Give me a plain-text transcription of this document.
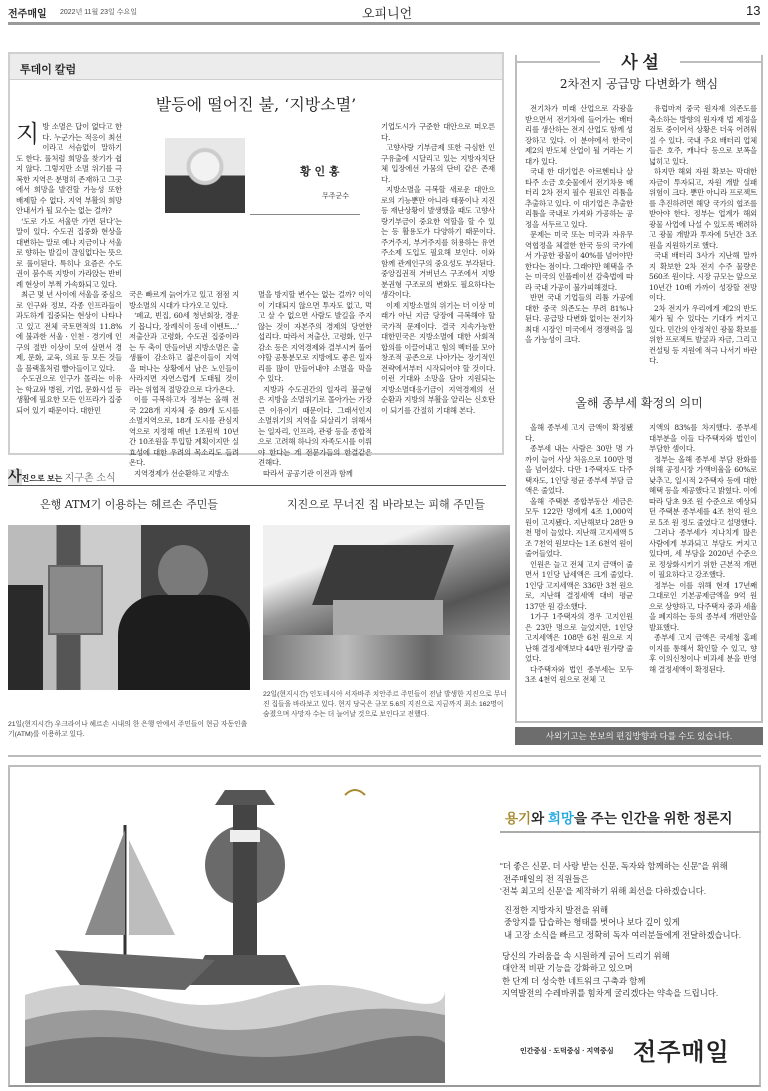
전주매일 2022년 11월 23일 수요일	오피니언	13
투데이 칼럼
발등에 떨어진 불, ‘지방소멸’
황 인 홍
무주군수
지 방 소멸은 답이 없다고 한다. 누군가는 적응이 최선이라고 서슴없이 말하기도 한다. 풀처럼 희망을 찾기가 쉽지 않다. 그렇지만 소멸 위기를 극복한 지역은 분명히 존재하고 그곳에서 희망을 발견할 가능성 또한 배제할 수 없다. 지역 부활의 희망 안내서가 될 묘수는 없는 걸까?

‘도로 가도 서울만 가면 된다’는 말이 있다. 수도권 집중화 현상을 대변하는 말로 예나 지금이나 서울로 향하는 발길이 끊임없다는 뜻으로 풀이된다. 특히나 요즘은 수도권이 붐수록 지방이 가라앉는 반비례 현상이 부쩍 가속화되고 있다.

최근 몇 년 사이에 서울을 중심으로 인구와 정보, 각종 인프라들이 과도하게 집중되는 현상이 나타나고 있고 전체 국토면적의 11.8%에 불과한 서울 · 인천 · 경기에 인구의 절반 이상이 모여 살면서 경제, 문화, 교육, 의료 등 모든 것들을 블랙홀처럼 빨아들이고 있다.

수도권으로 인구가 몰리는 이유는 학교와 병원, 기업, 문화시설 등 생활에 필요한 모든 인프라가 집중되어 있기 때문이다. 대한민

국은 빠르게 늙어가고 있고 점점 지방소멸의 시대가 다가오고 있다.

‘폐교, 빈집, 60세 청년회장, 경운기 몹니다, 장례식이 동네 이벤트...’ 저출산과 고령화, 수도권 집중이라는 두 축이 만들어낸 지방소멸은 출생률이 감소하고 젊은이들이 지역을 떠나는 상황에서 남은 노인들이 사라지면 자연스럽게 도태될 것이라는 위협적 절망감으로 다가온다.

이를 극복하고자 정부는 올해 전국 228개 지자체 중 89개 도시를 소멸지역으로, 18개 도시를 관심지역으로 지정해 매년 1조원씩 10년간 10조원을 투입할 계획이지만 실효성에 대한 우려의 목소리도 들려온다.

지역경제가 선순환하고 지방소

멸을 방지할 변수는 없는 걸까? 이익이 기대되지 않으면 투자도 없고, 먹고 살 수 없으면 사람도 발길을 주지 않는 것이 자본주의 경제의 당연한 섭리다. 따라서 저출산, 고령화, 인구감소 등은 지역경제와 결부시켜 풀어야할 공통분모로 지방에도 좋은 일자리를 많이 만들어내야 소멸을 막을 수 있다.

지방과 수도권간의 일자리 불균형은 지방을 소멸위기로 몰아가는 가장 큰 이유이기 때문이다. 그래서인지 소멸위기의 지역을 되살리기 위해서는 일자리, 인프라, 관광 등을 종합적으로 고려해 하나의 자족도시를 이뤄야 한다는 게 전문가들의 한결같은 견해다.

따라서 공공기관 이전과 함께

기업도시가 구준한 대안으로 떠오른다.

고향사랑 기부금제 또한 극심한 인구유출에 시달리고 있는 지방자치단체 입장에선 가뭄의 단비 같은 존재다.

지방소멸을 극복할 새로운 대안으로의 기능뿐만 아니라 태풍이나 지진 등 재난상황이 발생했을 때도 고향사랑기부금이 중요한 역할을 할 수 있는 등 활용도가 다양하기 때문이다. 주거주지, 부거주지를 허용하는 유연 주소제 도입도 필요해 보인다. 이와 함께 관계인구의 중요성도 부각된다. 중앙집권적 거버넌스 구조에서 지방분권형 구조로의 변화도 필요하다는 생각이다.

이제 지방소멸의 위기는 더 이상 미래가 아닌 지금 당장에 극복해야 할 국가적 문제이다. 결국 지속가능한 대한민국은 지방소멸에 대한 사회적 합의를 이끌어내고 힘의 벡터를 모아 창조적 공존으로 나아가는 장기적인 전략에서부터 시작되어야 할 것이다. 이런 기대와 소망을 담아 지원되는 지방소멸대응기금이 지역경제의 선순환과 지방의 부활을 알리는 신호탄이 되기를 간절히 기대해 본다.

사 설
2차전지 공급망 다변화가 핵심

전기차가 미래 산업으로 각광을 받으면서 전기차에 들어가는 배터리를 생산하는 전지 산업도 함께 성장하고 있다. 이 분야에서 한국이 제2의 반도체 산업이 될 거라는 기대가 있다.

국내 한 대기업은 아르헨티나 살타주 소금 호숫물에서 전기차용 배터리 2차 전지 필수 원료인 리튬을 추출하고 있다. 이 대기업은 추출한 리튬을 국내로 가져와 가공하는 공정을 서두르고 있다.

문제는 미국 또는 미국과 자유무역협정을 체결한 한국 등의 국가에서 가공한 광물이 40%를 넘어야만 한다는 점이다. 그래야만 혜택을 주는 미국의 인플레이션 감축법에 따라 국내 가공이 불가피해졌다.

반면 국내 기업들의 리튬 가공에 대한 중국 의존도는 무려 81%나 된다. 공급망 다변화 없이는 전기차 최대 시장인 미국에서 경쟁력을 잃을 가능성이 크다.

유럽마저 중국 원자재 의존도를 축소하는 방향의 원자재 법 제정을 검토 중이어서 상황은 더욱 어려워질 수 있다. 국내 주요 배터리 업체들은 호주, 캐나다 등으로 보폭을 넓히고 있다.

하지만 해외 자원 확보는 막대한 자금이 투자되고, 자원 개발 실패 위험이 크다. 뿐만 아니라 프로젝트를 추진하려면 해당 국가의 협조를 받아야 한다. 정부는 업계가 해외 광물 사업에 나설 수 있도록 배려하고 광물 개발과 투자에 5년간 3조 원을 지원하기로 했다.

국내 배터리 3사가 지난해 말까지 확보한 2차 전지 수주 물량은 560조 원이다. 시장 규모는 앞으로 10년간 10배 가까이 성장할 전망이다.

2차 전지가 우리에게 제2의 반도체가 될 수 있다는 기대가 커지고 있다. 민간의 안정적인 광물 확보를 위한 프로젝트 발굴과 자금, 그리고 컨설팅 등 지원에 적극 나서기 바란다.

올해 종부세 확정의 의미

올해 종부세 고지 금액이 확정됐다.

종부세 내는 사람은 30만 명 가까이 늘어 사상 처음으로 100만 명을 넘어섰다. 다만 1주택자도 다주택자도, 1인당 평균 종부세 부담 금액은 줄었다.

올해 주택분 종합부동산 세금은 모두 122만 명에게 4조 1,000억 원이 고지됐다. 지난해보다 28만 9천 명이 늘었다. 지난해 고지세액 5조 7천억 원보다는 1조 6천억 원이 줄어들었다.

인원은 늘고 전체 고지 금액이 줄면서 1인당 납세액은 크게 줄었다. 1인당 고지세액은 336만 3천 원으로, 지난해 결정세액 대비 평균 137만 원 감소했다.

1가구 1주택자의 경우 고지인원은 23만 명으로 늘었지만, 1인당 고지세액은 108만 6천 원으로 지난해 결정세액보다 44만 원가량 줄었다.

다주택자와 법인 종부세는 모두 3조 4천억 원으로 전체 고

지액의 83%를 차지했다. 종부세 대부분을 이들 다주택자와 법인이 부담한 셈이다.

정부는 올해 종부세 부담 완화를 위해 공정시장 가액비율을 60%로 낮추고, 일시적 2주택자 등에 대한 혜택 등을 제공했다고 밝혔다. 이에 따라 당초 9조 원 수준으로 예상되던 주택분 종부세를 4조 천억 원으로 5조 원 정도 줄였다고 설명했다.

그러나 종부세가 지나치게 많은 사람에게 부과되고 부담도 커지고 있다며, 세 부담을 2020년 수준으로 정상화시키기 위한 근본적 개편이 필요하다고 강조했다.

정부는 이를 위해 현재 17년째 그대로인 기본공제금액을 9억 원으로 상향하고, 다주택자 중과 세율을 폐지하는 등의 종부세 개편안을 발표했다.

종부세 고지 금액은 국세청 홈페이지를 통해서 확인할 수 있고, 향후 이의신청이나 비과세 분을 반영해 결정세액이 확정된다.

사외기고는 본보의 편집방향과 다를 수도 있습니다.
사진으로 보는 지구촌 소식
은행 ATM기 이용하는 헤르손 주민들	지진으로 무너진 집 바라보는 피해 주민들
21일(현지시간) 우크라이나 헤르손 시내의 한 은행 안에서 주민들이 현금 자동인출기(ATM)를 이용하고 있다.
22일(현지시간) 인도네시아 서자바주 치안주르 주민들이 전날 발생한 지진으로 무너진 집들을 바라보고 있다. 현지 당국은 규모 5.6의 지진으로 지금까지 최소 162명이 숨졌으며 사망자 수는 더 늘어날 것으로 보인다고 전했다.
용기와 희망을 주는 인간을 위한 정론지

“더 좋은 신문, 더 사랑 받는 신문, 독자와 함께하는 신문”을 위해

전주매일의 전 직원들은

‘전북 최고의 신문’을 제작하기 위해 최선을 다하겠습니다.

진정한 지방자치 발전을 위해

중앙지를 답습하는 형태를 벗어나 보다 깊이 있게

내 고장 소식을 빠르고 정확히 독자 여러분들에게 전달하겠습니다.

당신의 가려움을 속 시원하게 긁어 드리기 위해

대안적 비판 기능을 강화하고 있으며

한 단계 더 성숙한 네트워크 구축과 함께

지역발전의 수레바퀴를 힘차게 굴리겠다는 약속을 드립니다.

인간중심 · 도덕중심 · 지역중심 전주매일
